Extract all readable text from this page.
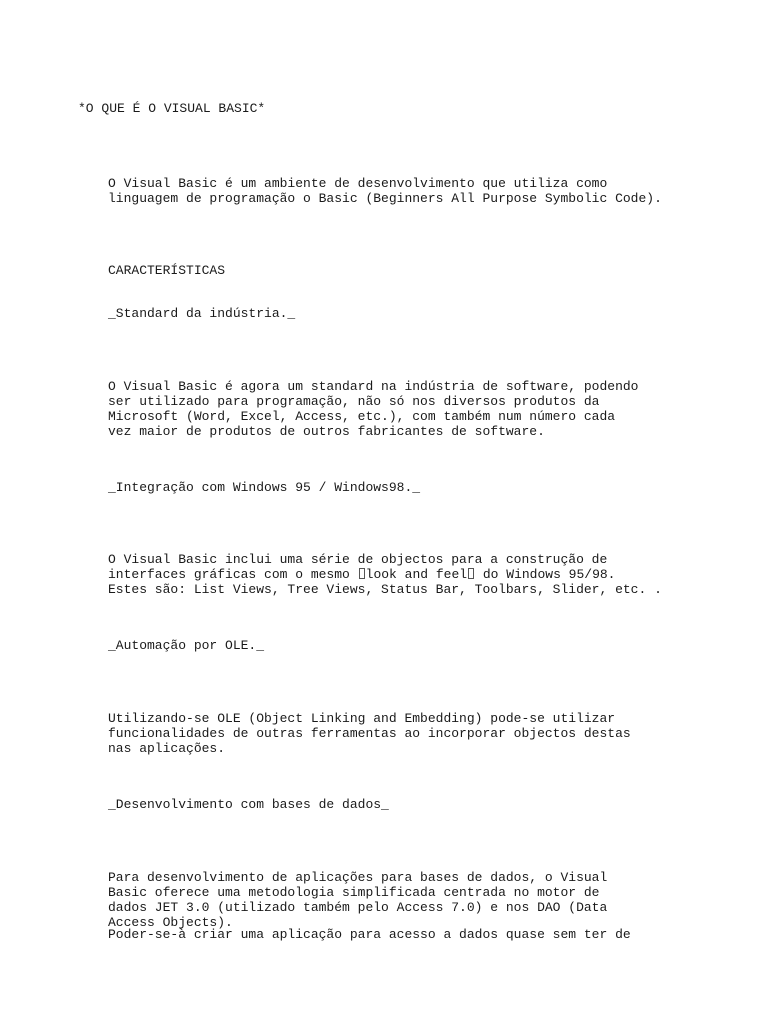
*O QUE É O VISUAL BASIC*

O Visual Basic é um ambiente de desenvolvimento que utiliza como
linguagem de programação o Basic (Beginners All Purpose Symbolic Code).

CARACTERÍSTICAS

_Standard da indústria._

O Visual Basic é agora um standard na indústria de software, podendo
ser utilizado para programação, não só nos diversos produtos da
Microsoft (Word, Excel, Access, etc.), com também num número cada
vez maior de produtos de outros fabricantes de software.

_Integração com Windows 95 / Windows98._

O Visual Basic inclui uma série de objectos para a construção de
interfaces gráficas com o mesmo look and feel do Windows 95/98.
Estes são: List Views, Tree Views, Status Bar, Toolbars, Slider, etc. .

_Automação por OLE._

Utilizando-se OLE (Object Linking and Embedding) pode-se utilizar
funcionalidades de outras ferramentas ao incorporar objectos destas
nas aplicações.

_Desenvolvimento com bases de dados_

Para desenvolvimento de aplicações para bases de dados, o Visual
Basic oferece uma metodologia simplificada centrada no motor de
dados JET 3.0 (utilizado também pelo Access 7.0) e nos DAO (Data
Access Objects).

Poder-se-à criar uma aplicação para acesso a dados quase sem ter de
